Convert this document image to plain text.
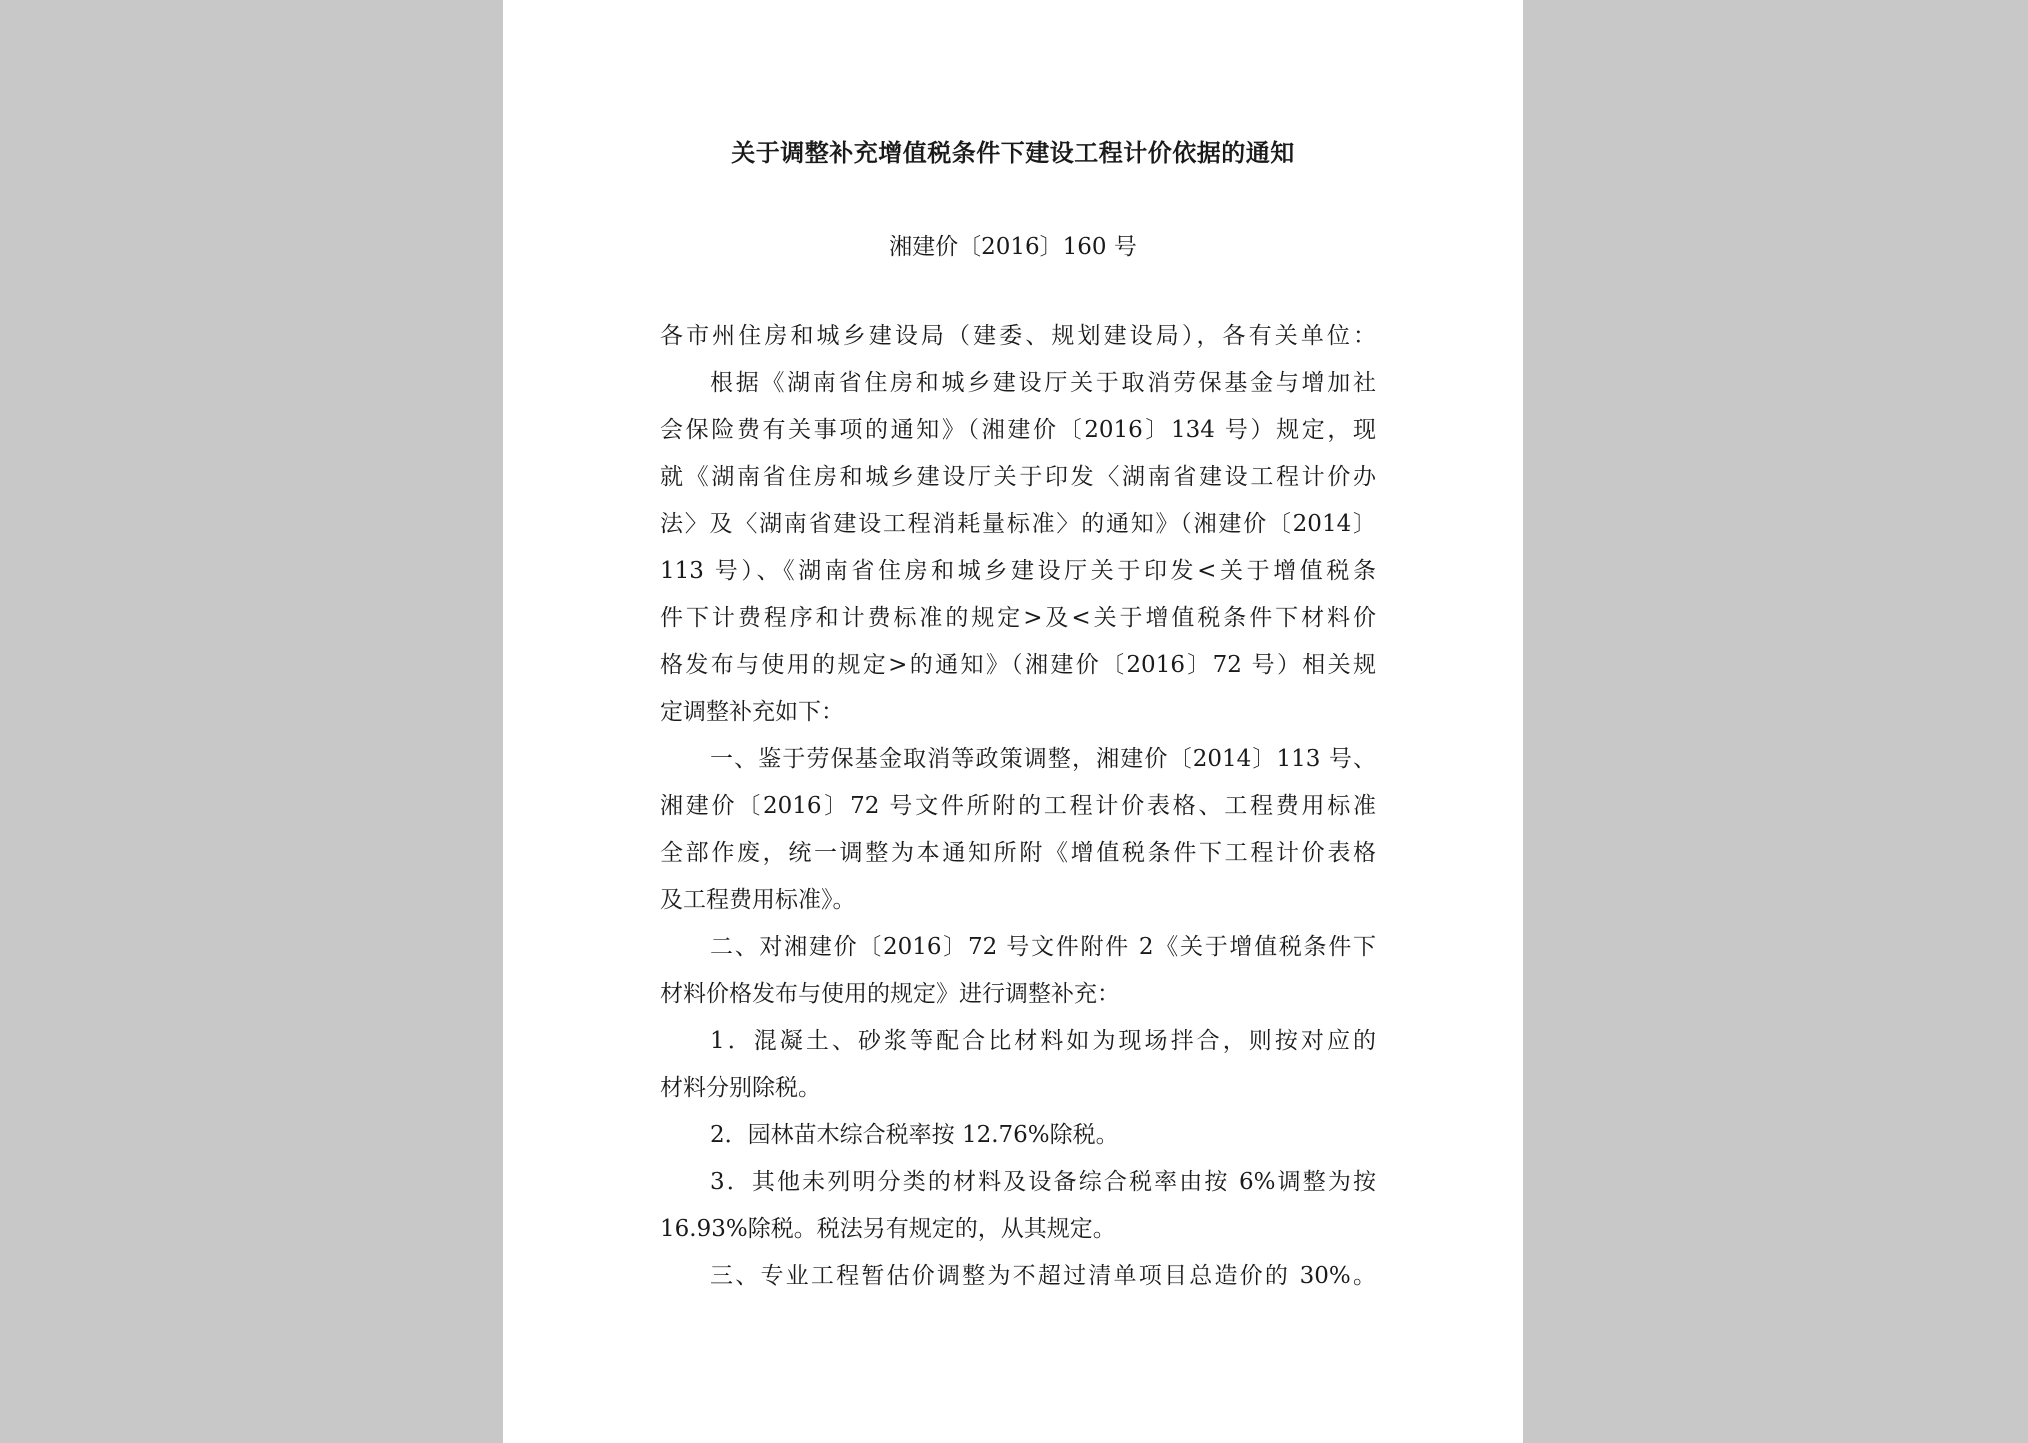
关于调整补充增值税条件下建设工程计价依据的通知
湘建价〔2016〕160 号
各市州住房和城乡建设局（建委、规划建设局），各有关单位：
根据《湖南省住房和城乡建设厅关于取消劳保基金与增加社
会保险费有关事项的通知》（湘建价〔2016〕134 号）规定，现
就《湖南省住房和城乡建设厅关于印发〈湖南省建设工程计价办
法〉及〈湖南省建设工程消耗量标准〉的通知》（湘建价〔2014〕
113 号）、《湖南省住房和城乡建设厅关于印发<关于增值税条
件下计费程序和计费标准的规定>及<关于增值税条件下材料价
格发布与使用的规定>的通知》（湘建价〔2016〕72 号）相关规
定调整补充如下：
一、鉴于劳保基金取消等政策调整，湘建价〔2014〕113 号、
湘建价〔2016〕72 号文件所附的工程计价表格、工程费用标准
全部作废，统一调整为本通知所附《增值税条件下工程计价表格
及工程费用标准》。
二、对湘建价〔2016〕72 号文件附件 2《关于增值税条件下
材料价格发布与使用的规定》进行调整补充：
1．混凝土、砂浆等配合比材料如为现场拌合，则按对应的
材料分别除税。
2．园林苗木综合税率按 12.76%除税。
3．其他未列明分类的材料及设备综合税率由按 6%调整为按
16.93%除税。税法另有规定的，从其规定。
三、专业工程暂估价调整为不超过清单项目总造价的 30%。
